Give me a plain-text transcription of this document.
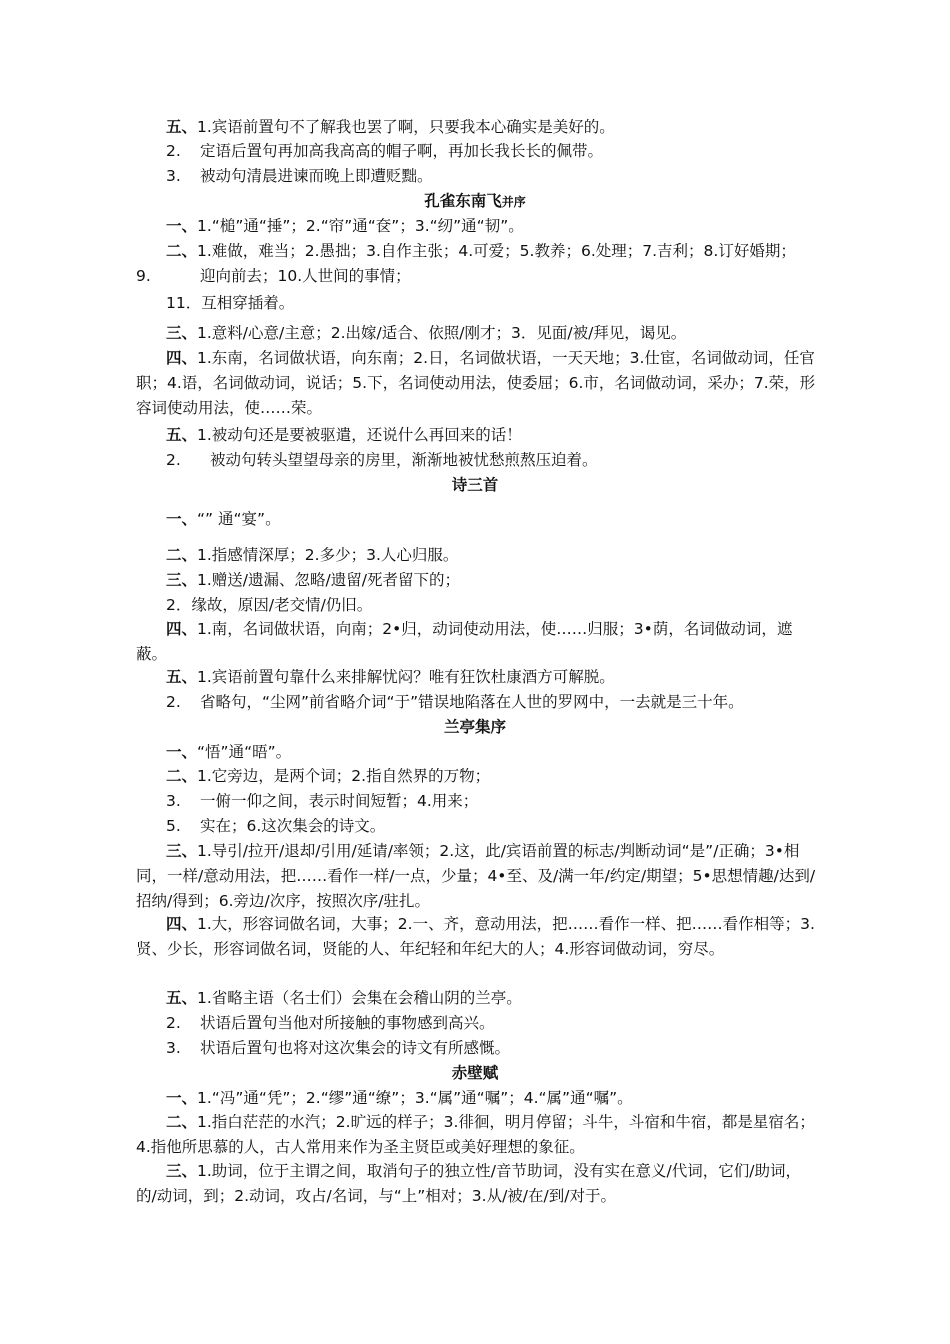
五、1.宾语前置句不了解我也罢了啊，只要我本心确实是美好的。
2. 定语后置句再加高我高高的帽子啊，再加长我长长的佩带。
3. 被动句清晨进谏而晚上即遭贬黜。
孔雀东南飞并序
一、1.“槌”通“捶”；2.“帘”通“奁”；3.“纫”通“韧”。
二、1.难做，难当；2.愚拙；3.自作主张；4.可爱；5.教养；6.处理；7.吉利；8.订好婚期；
9.	迎向前去；10.人世间的事情；
11．互相穿插着。
三、1.意料/心意/主意；2.出嫁/适合、依照/刚才；3．见面/被/拜见，谒见。
四、1.东南，名词做状语，向东南；2.日，名词做状语，一天天地；3.仕宦，名词做动词，任官职；4.语，名词做动词，说话；5.下，名词使动用法，使委屈；6.市，名词做动词，采办；7.荣，形容词使动用法，使……荣。
五、1.被动句还是要被驱遣，还说什么再回来的话！
2. 被动句转头望望母亲的房里，渐渐地被忧愁煎熬压迫着。
诗三首
一、“” 通“宴”。
二、1.指感情深厚；2.多少；3.人心归服。
三、1.赠送/遗漏、忽略/遗留/死者留下的；
2．缘故，原因/老交情/仍旧。
四、1.南，名词做状语，向南；2•归，动词使动用法，使……归服；3•荫，名词做动词，遮蔽。
五、1.宾语前置句靠什么来排解忧闷？唯有狂饮杜康酒方可解脱。
2. 省略句，“尘网”前省略介词“于”错误地陷落在人世的罗网中，一去就是三十年。
兰亭集序
一、“悟”通“晤”。
二、1.它旁边，是两个词；2.指自然界的万物；
3. 一俯一仰之间，表示时间短暂；4.用来；
5. 实在；6.这次集会的诗文。
三、1.导引/拉开/退却/引用/延请/率领；2.这，此/宾语前置的标志/判断动词“是”/正确；3•相同，一样/意动用法，把……看作一样/一点，少量；4•至、及/满一年/约定/期望；5•思想情趣/达到/招纳/得到；6.旁边/次序，按照次序/驻扎。
四、1.大，形容词做名词，大事；2.一、齐，意动用法，把……看作一样、把……看作相等；3.贤、少长，形容词做名词，贤能的人、年纪轻和年纪大的人；4.形容词做动词，穷尽。
五、1.省略主语（名士们）会集在会稽山阴的兰亭。
2. 状语后置句当他对所接触的事物感到高兴。
3. 状语后置句也将对这次集会的诗文有所感慨。
赤壁赋
一、1.“冯”通“凭”；2.“缪”通“缭”；3.“属”通“嘱”；4.“属”通“嘱”。
二、1.指白茫茫的水汽；2.旷远的样子；3.徘徊，明月停留；斗牛，斗宿和牛宿，都是星宿名；4.指他所思慕的人，古人常用来作为圣主贤臣或美好理想的象征。
三、1.助词，位于主谓之间，取消句子的独立性/音节助词，没有实在意义/代词，它们/助词，的/动词，到；2.动词，攻占/名词，与“上”相对；3.从/被/在/到/对于。
